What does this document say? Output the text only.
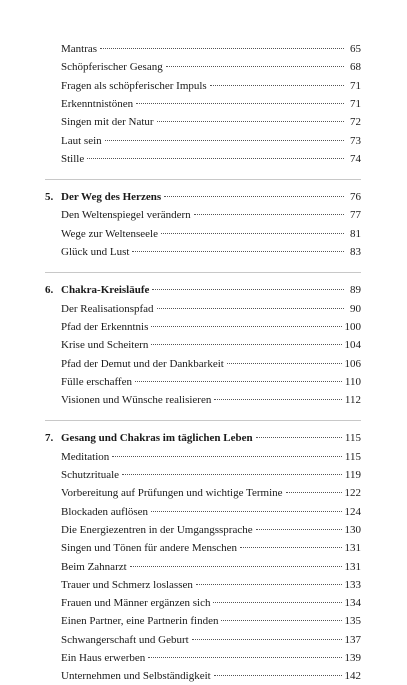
Mantras	65
Schöpferischer Gesang	68
Fragen als schöpferischer Impuls	71
Erkenntnistönen	71
Singen mit der Natur	72
Laut sein	73
Stille	74
5. Der Weg des Herzens	76
Den Weltenspiegel verändern	77
Wege zur Weltenseele	81
Glück und Lust	83
6. Chakra-Kreisläufe	89
Der Realisationspfad	90
Pfad der Erkenntnis	100
Krise und Scheitern	104
Pfad der Demut und der Dankbarkeit	106
Fülle erschaffen	110
Visionen und Wünsche realisieren	112
7. Gesang und Chakras im täglichen Leben	115
Meditation	115
Schutzrituale	119
Vorbereitung auf Prüfungen und wichtige Termine	122
Blockaden auflösen	124
Die Energiezentren in der Umgangssprache	130
Singen und Tönen für andere Menschen	131
Beim Zahnarzt	131
Trauer und Schmerz loslassen	133
Frauen und Männer ergänzen sich	134
Einen Partner, eine Partnerin finden	135
Schwangerschaft und Geburt	137
Ein Haus erwerben	139
Unternehmen und Selbständigkeit	142
